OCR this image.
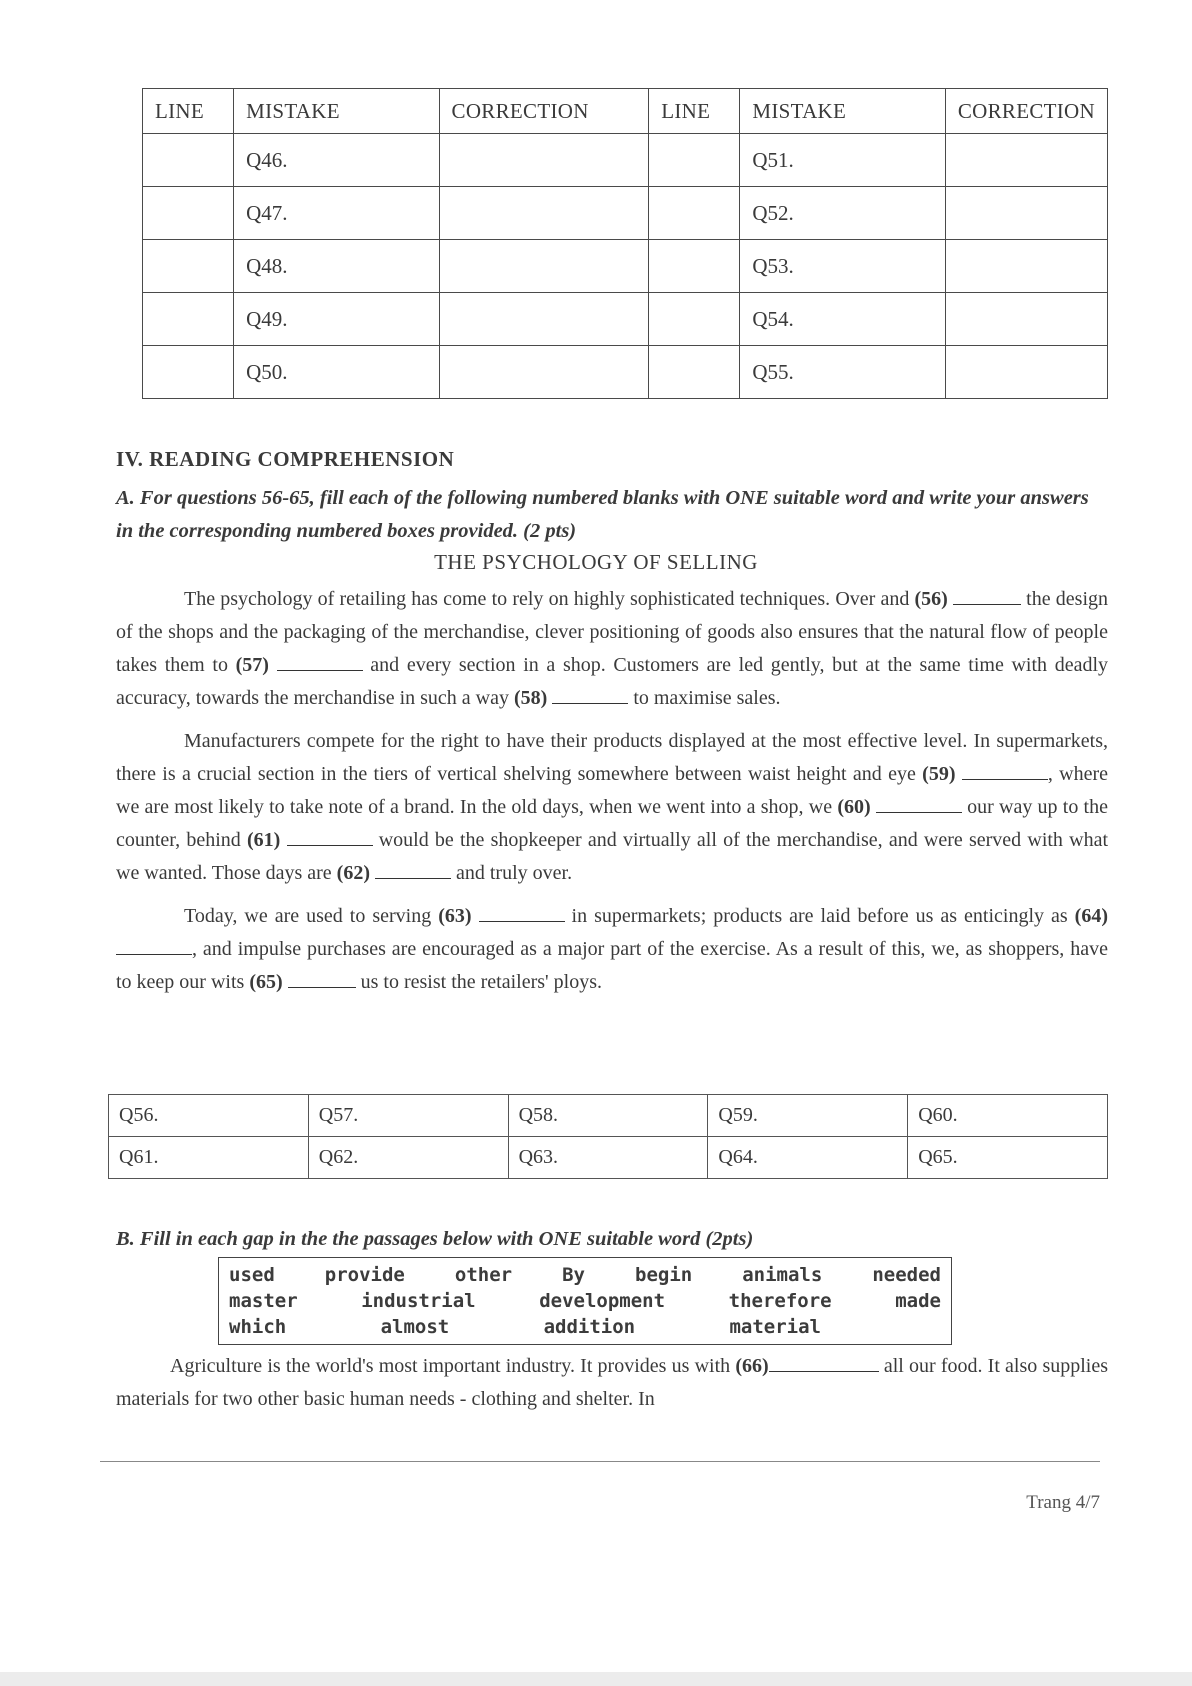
LINE	MISTAKE	CORRECTION	LINE	MISTAKE	CORRECTION
	Q46.			Q51.	
	Q47.			Q52.	
	Q48.			Q53.	
	Q49.			Q54.	
	Q50.			Q55.	
IV. READING COMPREHENSION
A. For questions 56-65, fill each of the following numbered blanks with ONE suitable word and write your answers in the corresponding numbered boxes provided. (2 pts)
THE PSYCHOLOGY OF SELLING

The psychology of retailing has come to rely on highly sophisticated techniques. Over and (56)	the design of the shops and the packaging of the merchandise, clever positioning of goods also ensures that the natural flow of people takes them to (57)	and every section in a shop. Customers are led gently, but at the same time with deadly accuracy, towards the merchandise in such a way (58)	to maximise sales.

Manufacturers compete for the right to have their products displayed at the most effective level. In supermarkets, there is a crucial section in the tiers of vertical shelving somewhere between waist height and eye (59)	, where we are most likely to take note of a brand. In the old days, when we went into a shop, we (60)	our way up to the counter, behind (61)	would be the shopkeeper and virtually all of the merchandise, and were served with what we wanted. Those days are (62)	and truly over.

Today, we are used to serving (63)	in supermarkets; products are laid before us as enticingly as (64) , and impulse purchases are encouraged as a major part of the exercise. As a result of this, we, as shoppers, have to keep our wits (65)	us to resist the retailers' ploys.

Q56.	Q57.	Q58.	Q59.	Q60.
Q61.	Q62.	Q63.	Q64.	Q65.
B. Fill in each gap in the the passages below with ONE suitable word (2pts)
used	provide	other	By	begin	animals	needed
master	industrial	development	therefore	made
which	almost	addition	material

Agriculture is the world's most important industry. It provides us with (66)	all our food. It also supplies materials for two other basic human needs - clothing and shelter. In

Trang 4/7
